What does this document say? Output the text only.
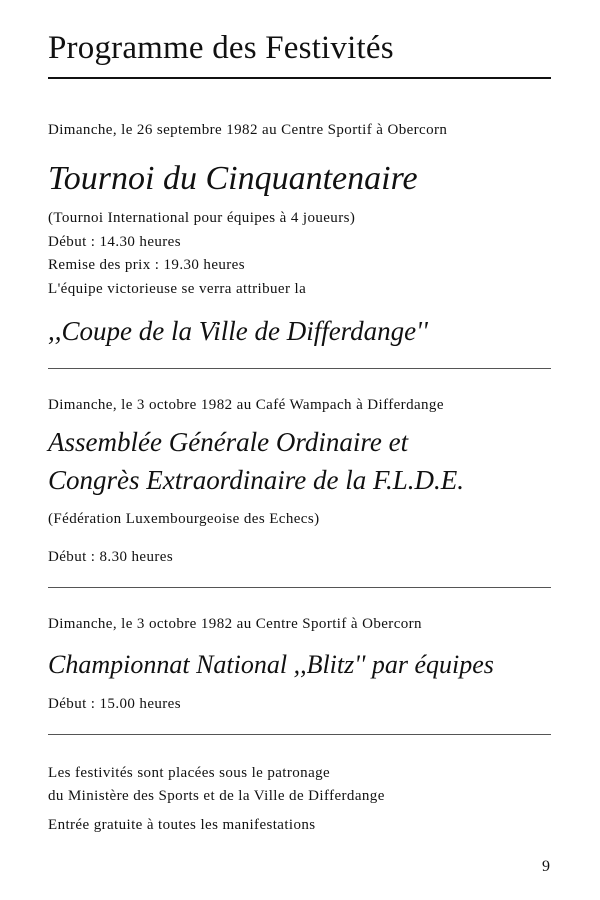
Programme des Festivités
Dimanche, le 26 septembre 1982 au Centre Sportif à Obercorn
Tournoi du Cinquantenaire
(Tournoi International pour équipes à 4 joueurs)
Début : 14.30 heures
Remise des prix : 19.30 heures
L'équipe victorieuse se verra attribuer la
,,Coupe de la Ville de Differdange''
Dimanche, le 3 octobre 1982 au Café Wampach à Differdange
Assemblée Générale Ordinaire et
Congrès Extraordinaire de la F.L.D.E.
(Fédération Luxembourgeoise des Echecs)
Début : 8.30 heures
Dimanche, le 3 octobre 1982 au Centre Sportif à Obercorn
Championnat National ,,Blitz'' par équipes
Début : 15.00 heures
Les festivités sont placées sous le patronage
du Ministère des Sports et de la Ville de Differdange
Entrée gratuite à toutes les manifestations
9
